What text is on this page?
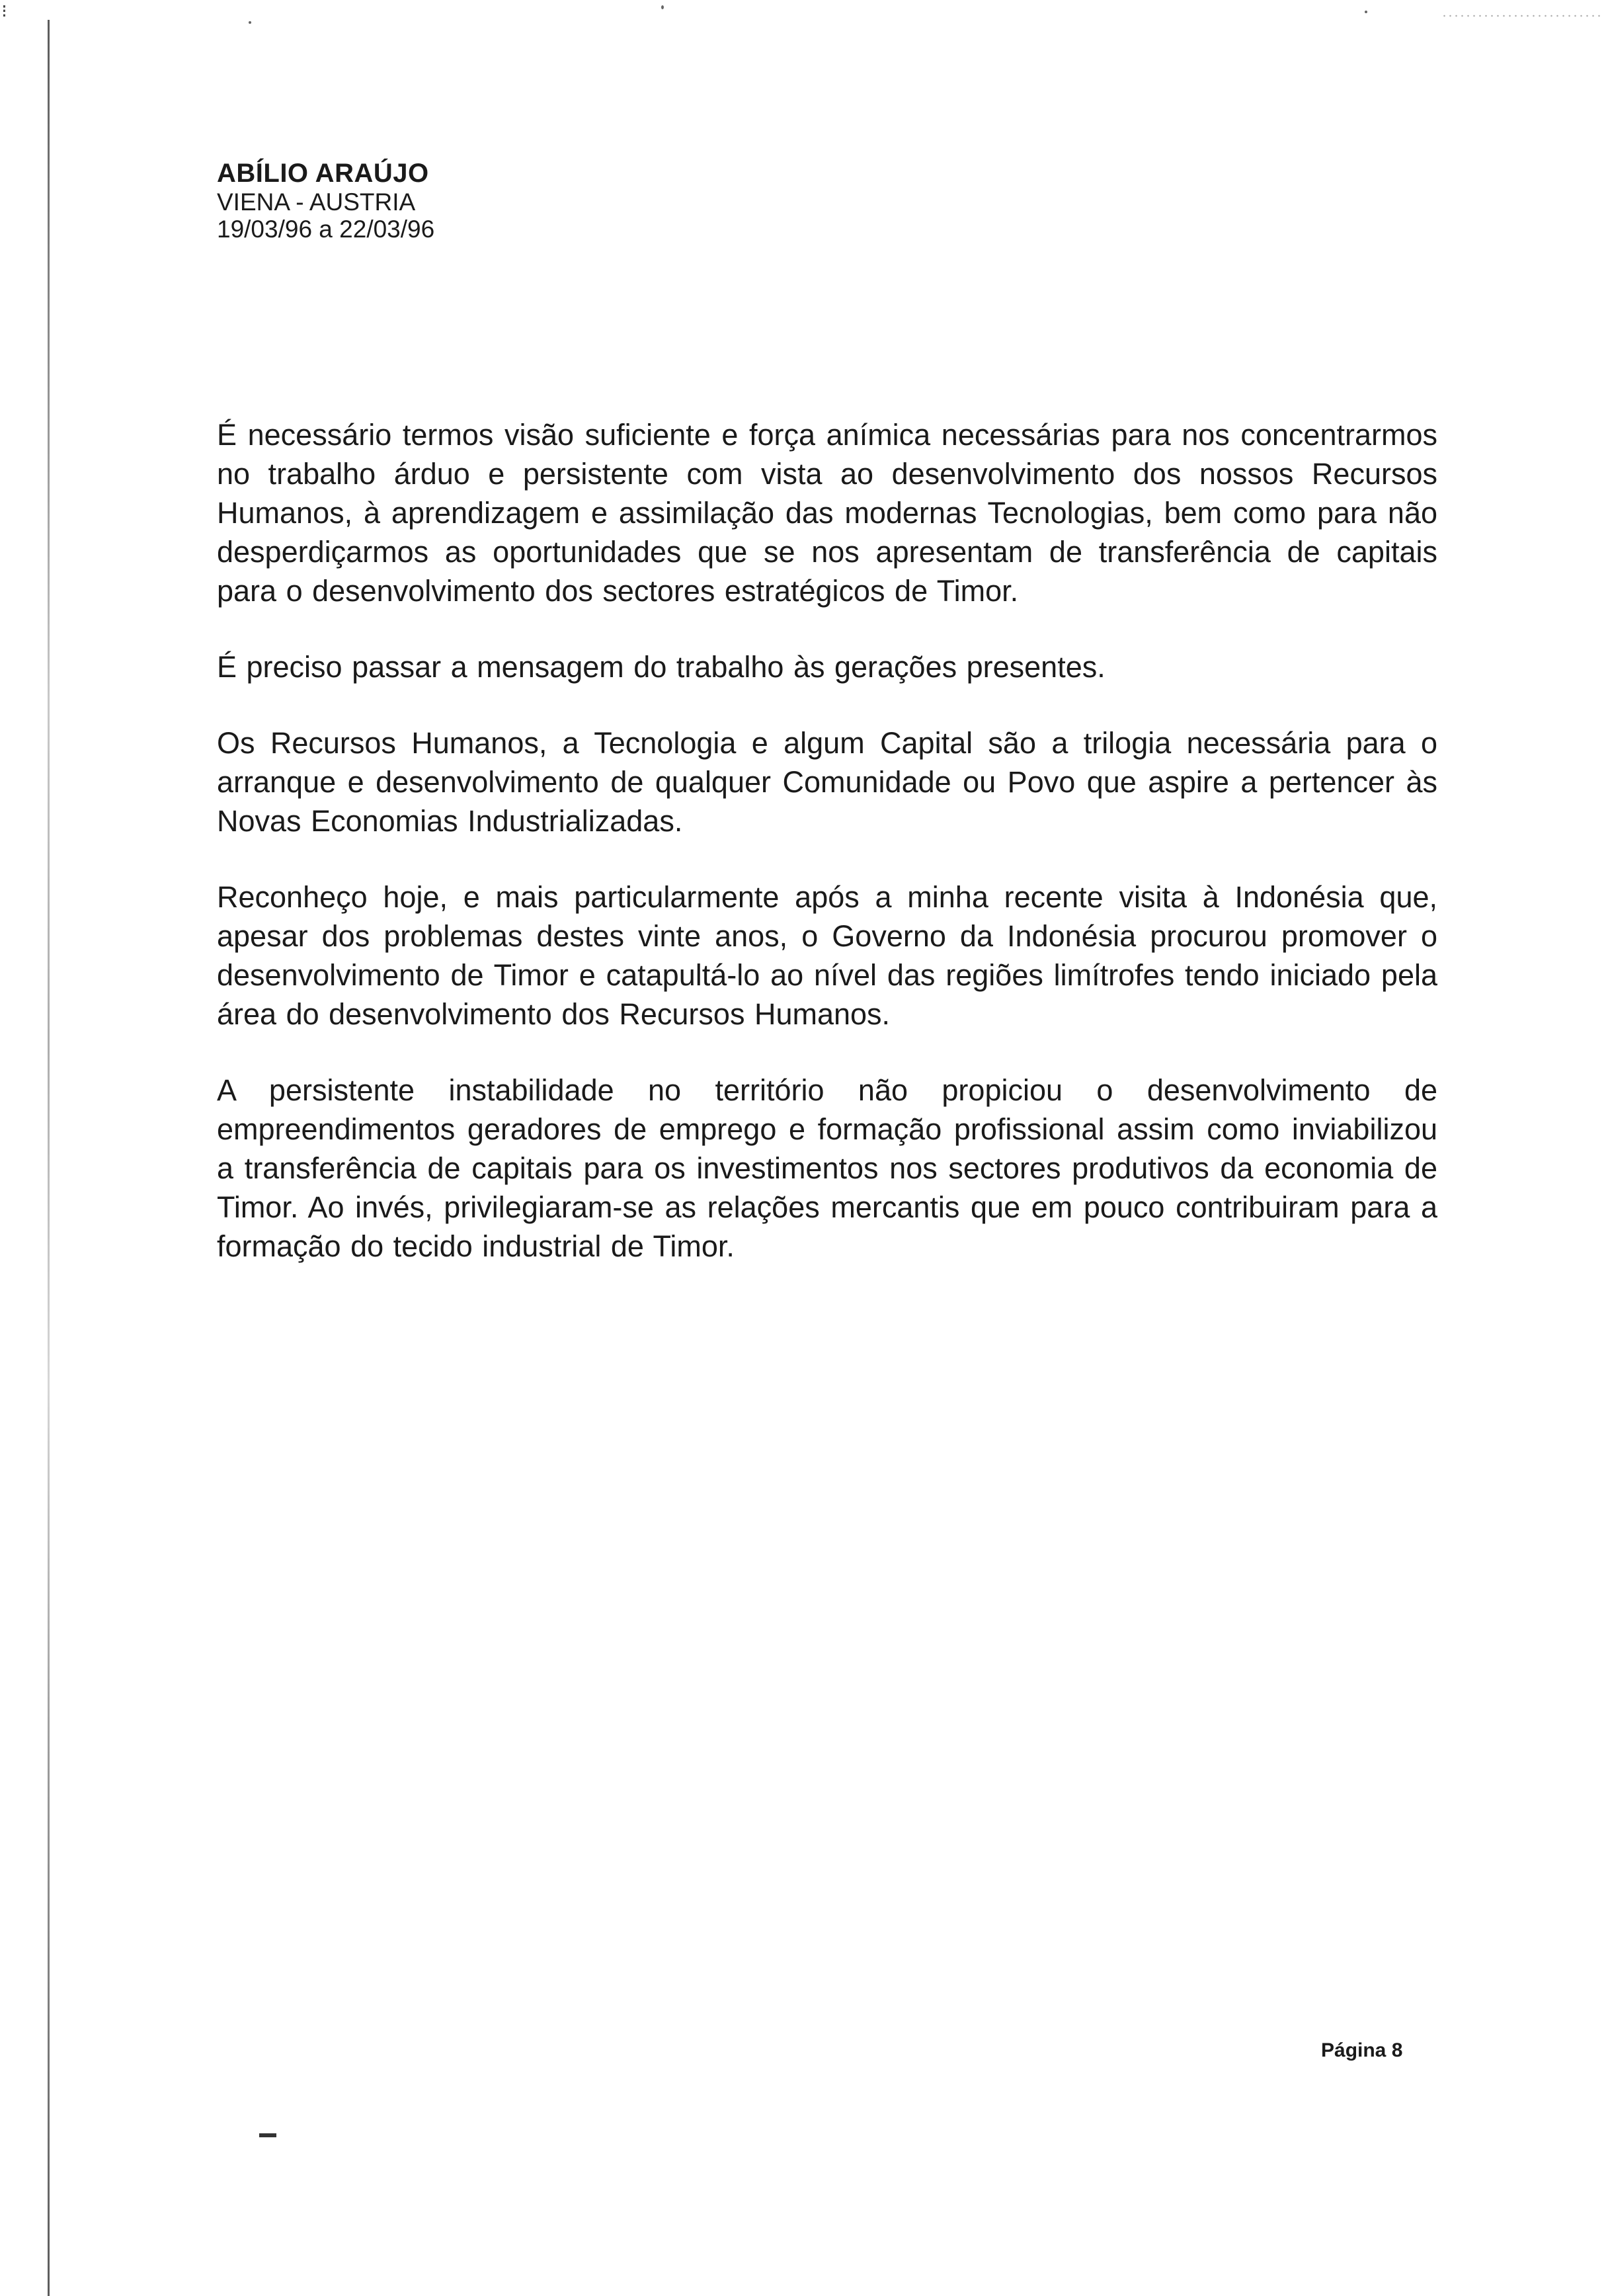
⁝
ABÍLIO ARAÚJO
VIENA - AUSTRIA
19/03/96 a 22/03/96

É necessário termos visão suficiente e força anímica necessárias para nos concentrarmos no trabalho árduo e persistente com vista ao desenvolvimento dos nossos Recursos Humanos, à aprendizagem e assimilação das modernas Tecnologias, bem como para não desperdiçarmos as oportunidades que se nos apresentam de transferência de capitais para o desenvolvimento dos sectores estratégicos de Timor.

É preciso passar a mensagem do trabalho às gerações presentes.

Os Recursos Humanos, a Tecnologia e algum Capital são a trilogia necessária para o arranque e desenvolvimento de qualquer Comunidade ou Povo que aspire a pertencer às Novas Economias Industrializadas.

Reconheço hoje, e mais particularmente após a minha recente visita à Indonésia que, apesar dos problemas destes vinte anos, o Governo da Indonésia procurou promover o desenvolvimento de Timor e catapultá-lo ao nível das regiões limítrofes tendo iniciado pela área do desenvolvimento dos Recursos Humanos.

A persistente instabilidade no território não propiciou o desenvolvimento de empreendimentos geradores de emprego e formação profissional assim como inviabilizou a transferência de capitais para os investimentos nos sectores produtivos da economia de Timor. Ao invés, privilegiaram-se as relações mercantis que em pouco contribuiram para a formação do tecido industrial de Timor.

Página 8
